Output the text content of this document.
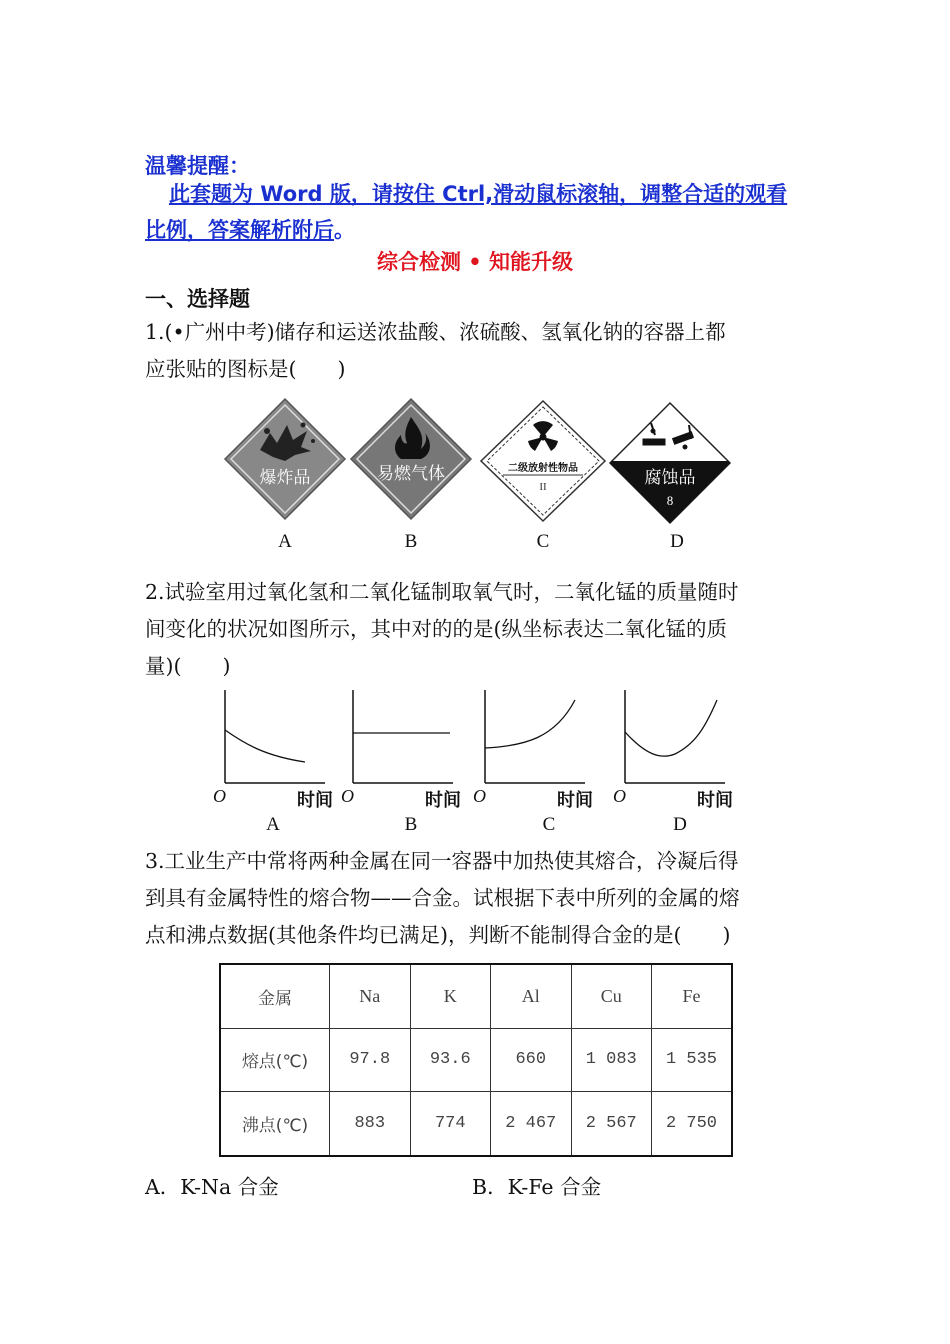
温馨提醒：
此套题为 Word 版，请按住 Ctrl,滑动鼠标滚轴，调整合适的观看
比例，答案解析附后。
综合检测 • 知能升级
一、选择题
1.(•广州中考)储存和运送浓盐酸、浓硫酸、氢氧化钠的容器上都
应张贴的图标是(　　)
爆炸品
A
易燃气体
B
二级放射性物品
II
C
腐蚀品
8
D
2.试验室用过氧化氢和二氧化锰制取氧气时，二氧化锰的质量随时
间变化的状况如图所示，其中对的的是(纵坐标表达二氧化锰的质
量)(　　)
O	时间
A
O	时间
B
O	时间
C
O	时间
D
3.工业生产中常将两种金属在同一容器中加热使其熔合，冷凝后得
到具有金属特性的熔合物——合金。试根据下表中所列的金属的熔
点和沸点数据(其他条件均已满足)，判断不能制得合金的是(　　)
金属	Na	K	Al	Cu	Fe
熔点(℃)	97.8	93.6	660	1 083	1 535
沸点(℃)	883	774	2 467	2 567	2 750
A．K-Na 合金	B．K-Fe 合金
